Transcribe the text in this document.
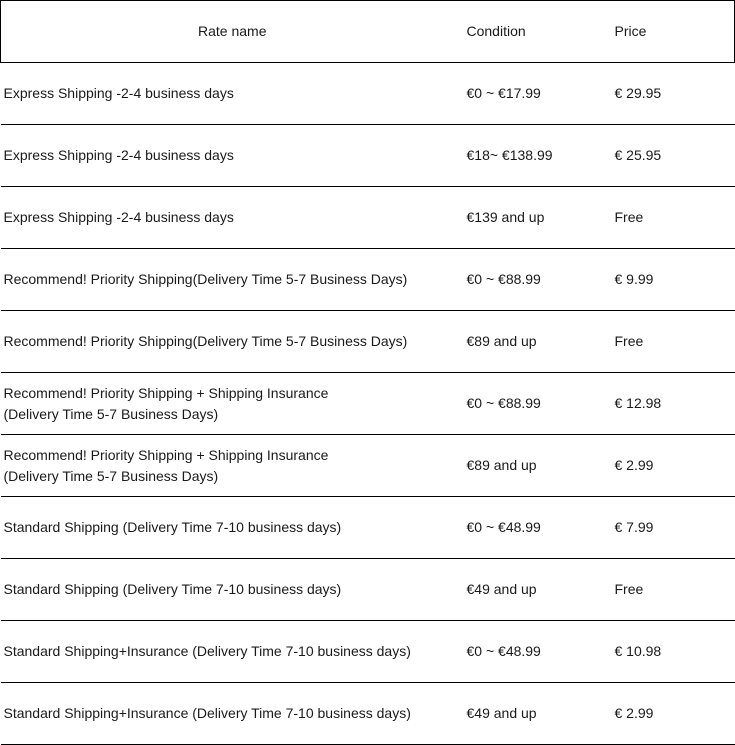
Rate name	Condition	Price

Express Shipping -2-4 business days	€0 ~ €17.99	€ 29.95

Express Shipping -2-4 business days	€18~ €138.99	€ 25.95

Express Shipping -2-4 business days	€139 and up	Free

Recommend! Priority Shipping(Delivery Time 5-7 Business Days)	€0 ~ €88.99	€ 9.99

Recommend! Priority Shipping(Delivery Time 5-7 Business Days)	€89 and up	Free

Recommend! Priority Shipping + Shipping Insurance
(Delivery Time 5-7 Business Days)	€0 ~ €88.99	€ 12.98

Recommend! Priority Shipping + Shipping Insurance
(Delivery Time 5-7 Business Days)	€89 and up	€ 2.99

Standard Shipping (Delivery Time 7-10 business days)	€0 ~ €48.99	€ 7.99

Standard Shipping (Delivery Time 7-10 business days)	€49 and up	Free

Standard Shipping+Insurance (Delivery Time 7-10 business days)	€0 ~ €48.99	€ 10.98

Standard Shipping+Insurance (Delivery Time 7-10 business days)	€49 and up	€ 2.99
